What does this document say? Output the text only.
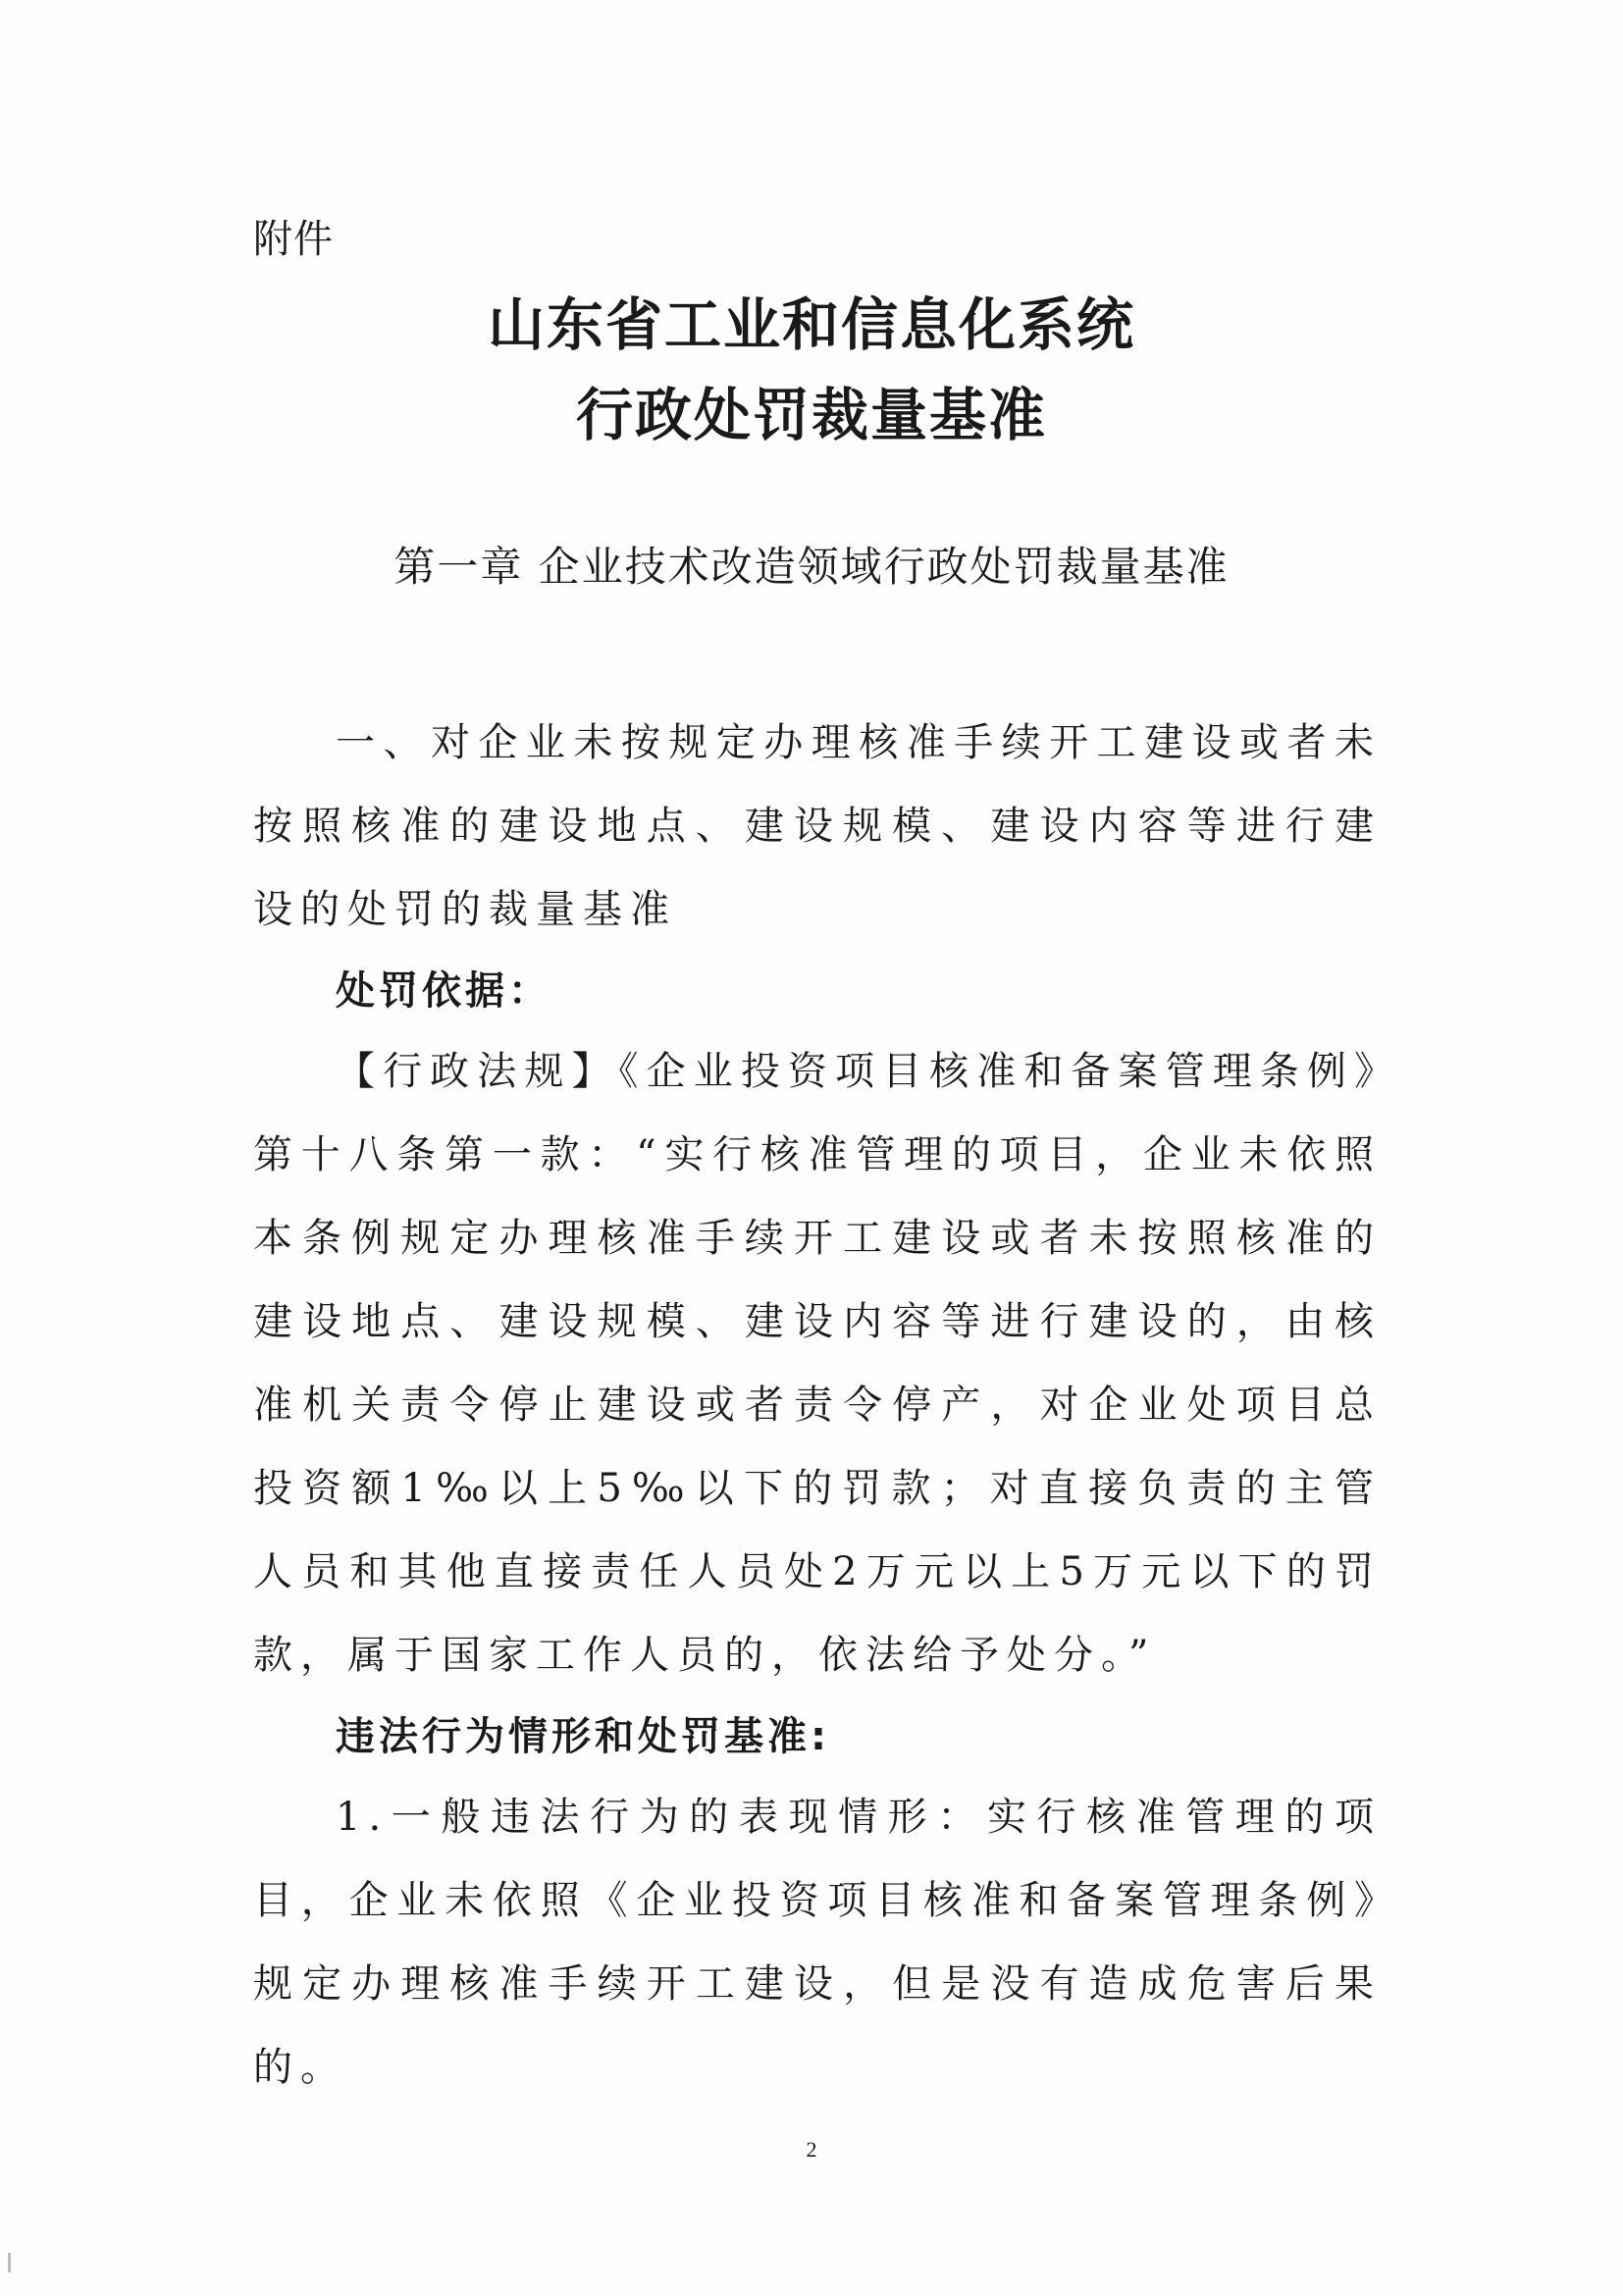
附件
山东省工业和信息化系统
行政处罚裁量基准
第一章 企业技术改造领域行政处罚裁量基准

一、对企业未按规定办理核准手续开工建设或者未按照核准的建设地点、建设规模、建设内容等进行建设的处罚的裁量基准

处罚依据：

【行政法规】《企业投资项目核准和备案管理条例》第十八条第一款：“实行核准管理的项目，企业未依照本条例规定办理核准手续开工建设或者未按照核准的建设地点、建设规模、建设内容等进行建设的，由核准机关责令停止建设或者责令停产，对企业处项目总投资额1‰以上5‰以下的罚款；对直接负责的主管人员和其他直接责任人员处2万元以上5万元以下的罚款，属于国家工作人员的，依法给予处分。”

违法行为情形和处罚基准:

1.一般违法行为的表现情形：实行核准管理的项目，企业未依照《企业投资项目核准和备案管理条例》规定办理核准手续开工建设，但是没有造成危害后果的。

2
